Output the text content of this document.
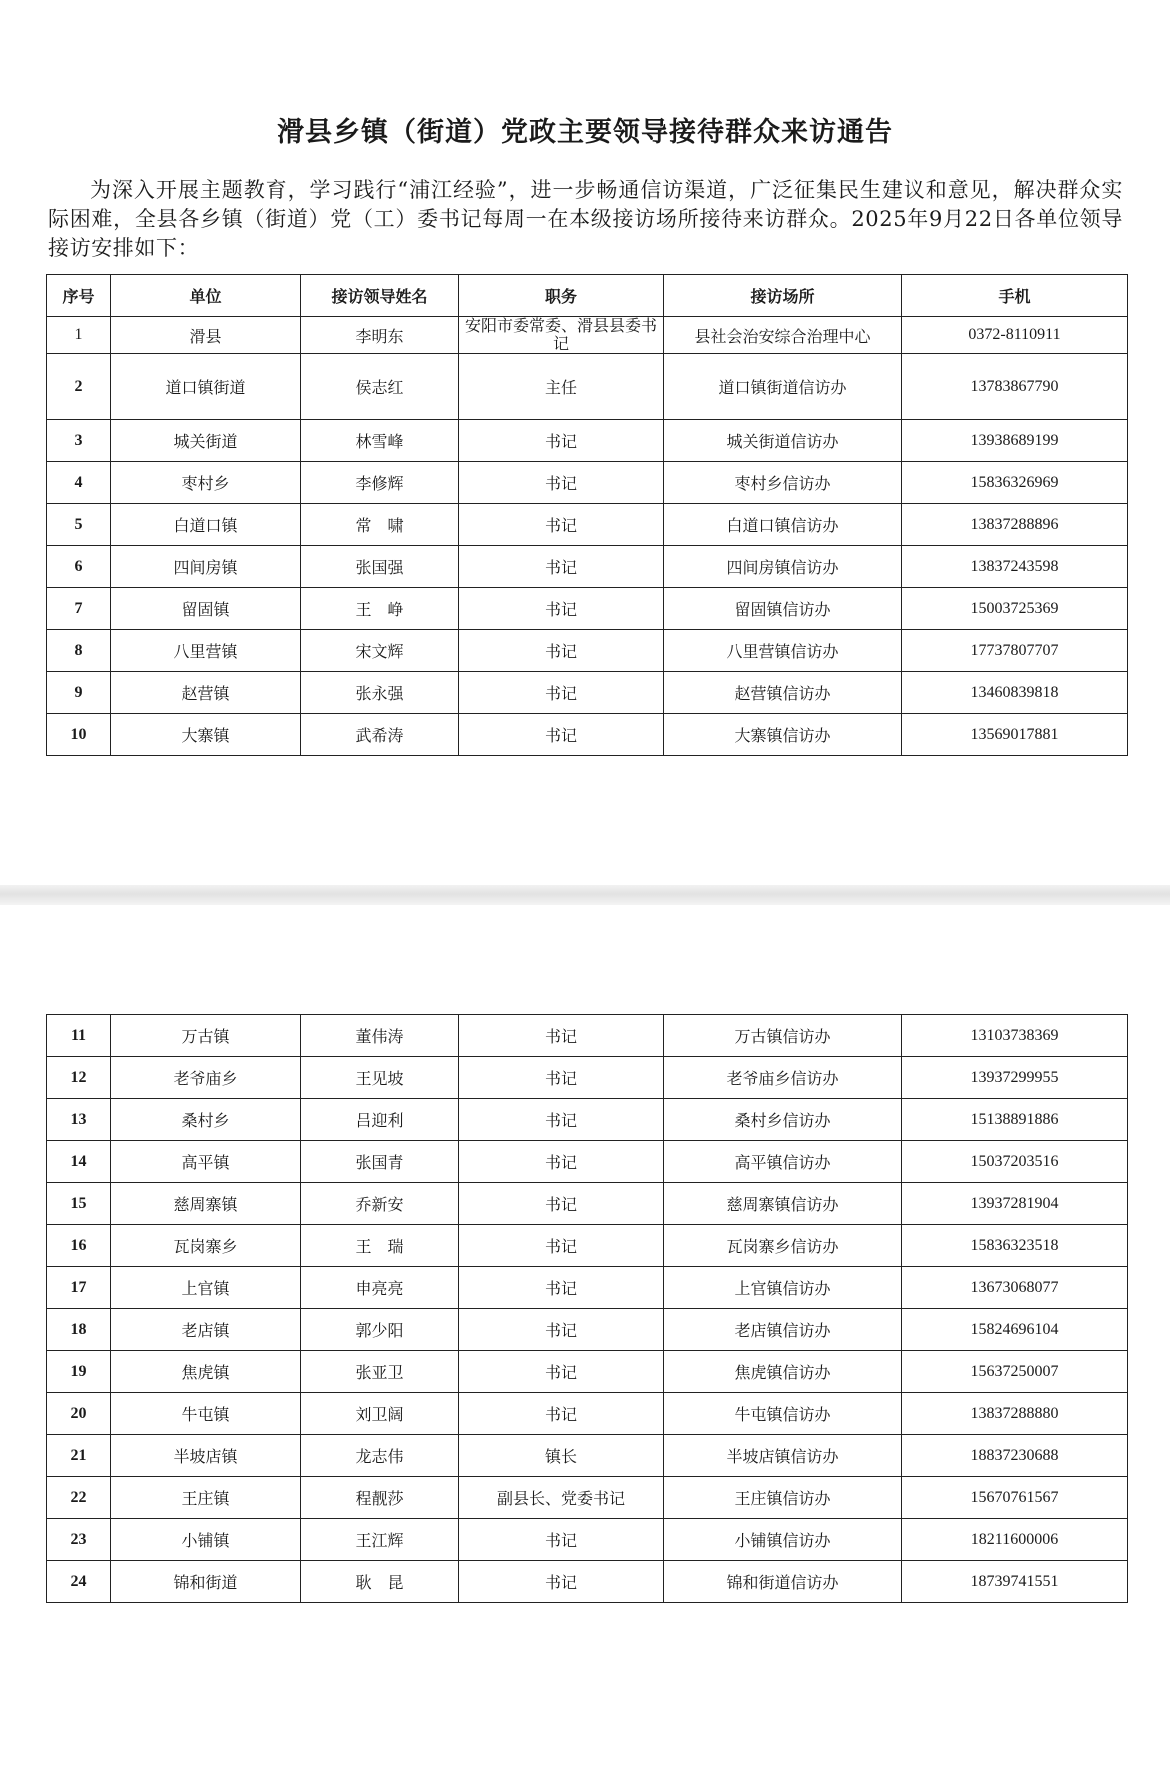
滑县乡镇（街道）党政主要领导接待群众来访通告

为深入开展主题教育，学习践行“浦江经验”，进一步畅通信访渠道，广泛征集民生建议和意见，解决群众实际困难，全县各乡镇（街道）党（工）委书记每周一在本级接访场所接待来访群众。2025年9月22日各单位领导接访安排如下：

序号	单位	接访领导姓名	职务	接访场所	手机
1	滑县	李明东	安阳市委常委、滑县县委书记	县社会治安综合治理中心	0372-8110911
2	道口镇街道	侯志红	主任	道口镇街道信访办	13783867790
3	城关街道	林雪峰	书记	城关街道信访办	13938689199
4	枣村乡	李修辉	书记	枣村乡信访办	15836326969
5	白道口镇	常　啸	书记	白道口镇信访办	13837288896
6	四间房镇	张国强	书记	四间房镇信访办	13837243598
7	留固镇	王　峥	书记	留固镇信访办	15003725369
8	八里营镇	宋文辉	书记	八里营镇信访办	17737807707
9	赵营镇	张永强	书记	赵营镇信访办	13460839818
10	大寨镇	武希涛	书记	大寨镇信访办	13569017881
11	万古镇	董伟涛	书记	万古镇信访办	13103738369
12	老爷庙乡	王见坡	书记	老爷庙乡信访办	13937299955
13	桑村乡	吕迎利	书记	桑村乡信访办	15138891886
14	高平镇	张国青	书记	高平镇信访办	15037203516
15	慈周寨镇	乔新安	书记	慈周寨镇信访办	13937281904
16	瓦岗寨乡	王　瑞	书记	瓦岗寨乡信访办	15836323518
17	上官镇	申亮亮	书记	上官镇信访办	13673068077
18	老店镇	郭少阳	书记	老店镇信访办	15824696104
19	焦虎镇	张亚卫	书记	焦虎镇信访办	15637250007
20	牛屯镇	刘卫阔	书记	牛屯镇信访办	13837288880
21	半坡店镇	龙志伟	镇长	半坡店镇信访办	18837230688
22	王庄镇	程靓莎	副县长、党委书记	王庄镇信访办	15670761567
23	小铺镇	王江辉	书记	小铺镇信访办	18211600006
24	锦和街道	耿　昆	书记	锦和街道信访办	18739741551
